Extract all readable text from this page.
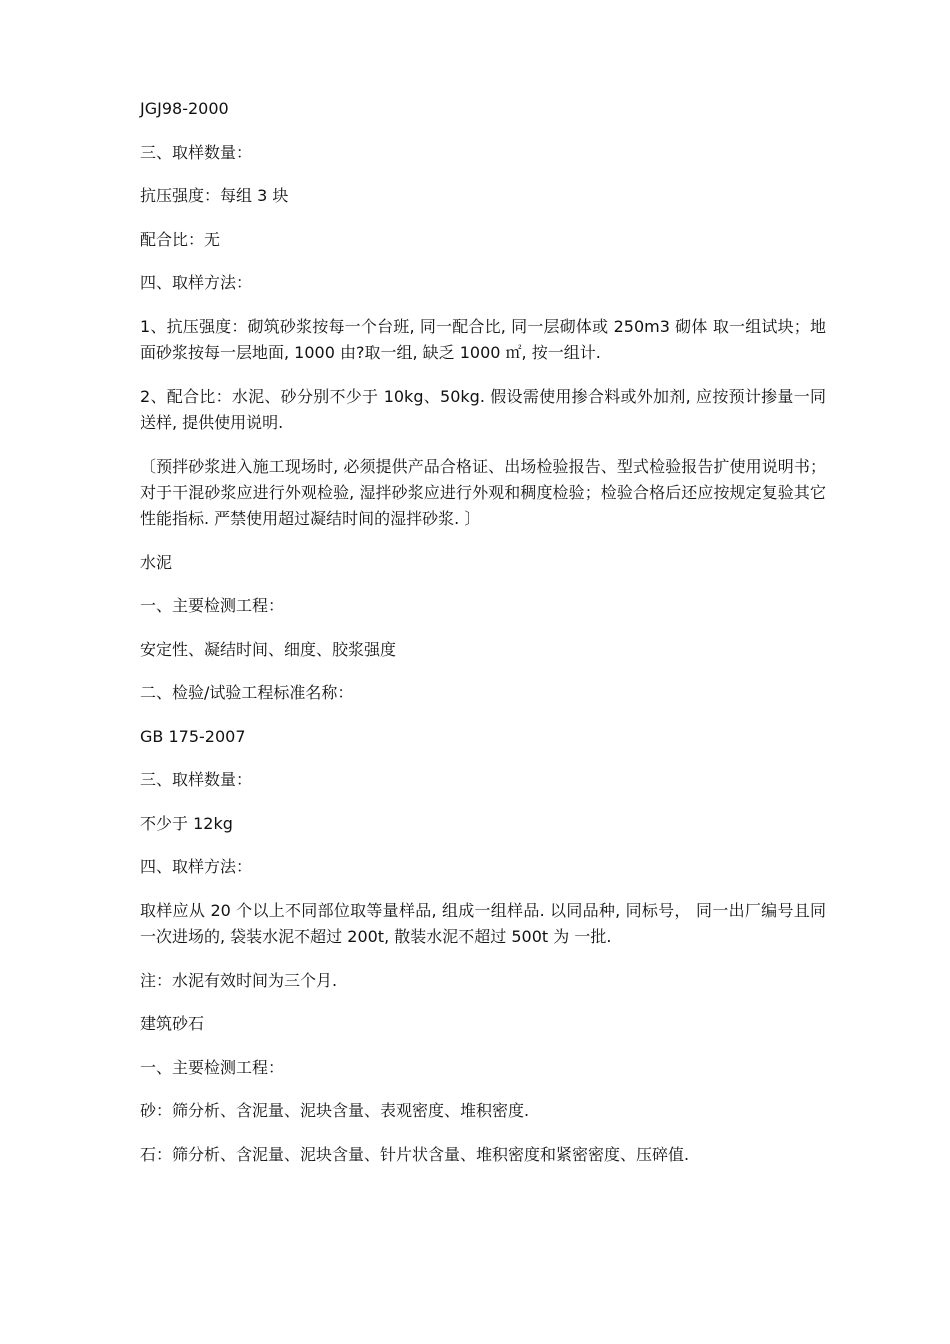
JGJ98-2000

三、取样数量：

抗压强度：每组 3 块

配合比：无

四、取样方法：

1、抗压强度：砌筑砂浆按每一个台班, 同一配合比, 同一层砌体或 250m3 砌体 取一组试块；地面砂浆按每一层地面, 1000 由?取一组, 缺乏 1000 ㎡, 按一组计.

2、配合比：水泥、砂分别不少于 10kg、50kg. 假设需使用掺合料或外加剂, 应按预计掺量一同送样, 提供使用说明.

〔预拌砂浆进入施工现场时, 必须提供产品合格证、出场检验报告、型式检验报告扩使用说明书；对于干混砂浆应进行外观检验, 湿拌砂浆应进行外观和稠度检验；检验合格后还应按规定复验其它性能指标. 严禁使用超过凝结时间的湿拌砂浆. 〕

水泥

一、主要检测工程：

安定性、凝结时间、细度、胶浆强度

二、检验/试验工程标准名称：

GB 175-2007

三、取样数量：

不少于 12kg

四、取样方法：

取样应从 20 个以上不同部位取等量样品, 组成一组样品. 以同品种, 同标号， 同一出厂编号且同一次进场的, 袋装水泥不超过 200t, 散装水泥不超过 500t 为 一批.

注：水泥有效时间为三个月.

建筑砂石

一、主要检测工程：

砂：筛分析、含泥量、泥块含量、表观密度、堆积密度.

石：筛分析、含泥量、泥块含量、针片状含量、堆积密度和紧密密度、压碎值.
